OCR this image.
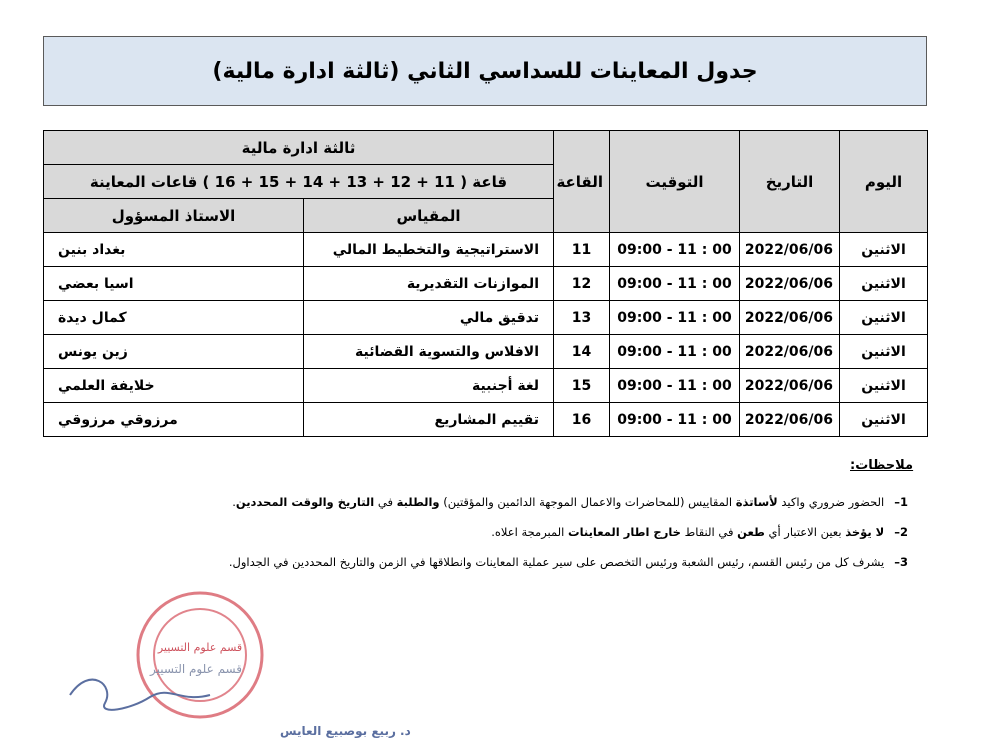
جدول المعاينات للسداسي الثاني (ثالثة ادارة مالية)
اليوم	التاريخ	التوقيت	القاعة	ثالثة ادارة مالية	
				قاعة ( 11 + 12 + 13 + 14 + 15 + 16 ) قاعات المعاينة	
				المقياس	الاستاذ المسؤول
الاثنين	2022/06/06	09:00 - 11 : 00	11	الاستراتيجية والتخطيط المالي	بغداد بنين
الاثنين	2022/06/06	09:00 - 11 : 00	12	الموازنات التقديرية	اسيا بعضي
الاثنين	2022/06/06	09:00 - 11 : 00	13	تدقيق مالي	كمال ديدة
الاثنين	2022/06/06	09:00 - 11 : 00	14	الافلاس والتسوية القضائية	زين يونس
الاثنين	2022/06/06	09:00 - 11 : 00	15	لغة أجنبية	خلايفة العلمي
الاثنين	2022/06/06	09:00 - 11 : 00	16	تقييم المشاريع	مرزوقي مرزوقي
ملاحظات:
1–الحضور ضروري واكيد لأساتذة المقاييس (للمحاضرات والاعمال الموجهة الدائمين والمؤقتين) والطلبة في التاريخ والوقت المحددين.
2–لا يؤخذ بعين الاعتبار أي طعن في النقاط خارج اطار المعاينات المبرمجة اعلاه.
3–يشرف كل من رئيس القسم، رئيس الشعبة ورئيس التخصص على سير عملية المعاينات وانطلاقها في الزمن والتاريخ المحددين في الجداول.
قسم علوم التسيير
قسم علوم التسيير
د. ربيع بوصبيع العايس
